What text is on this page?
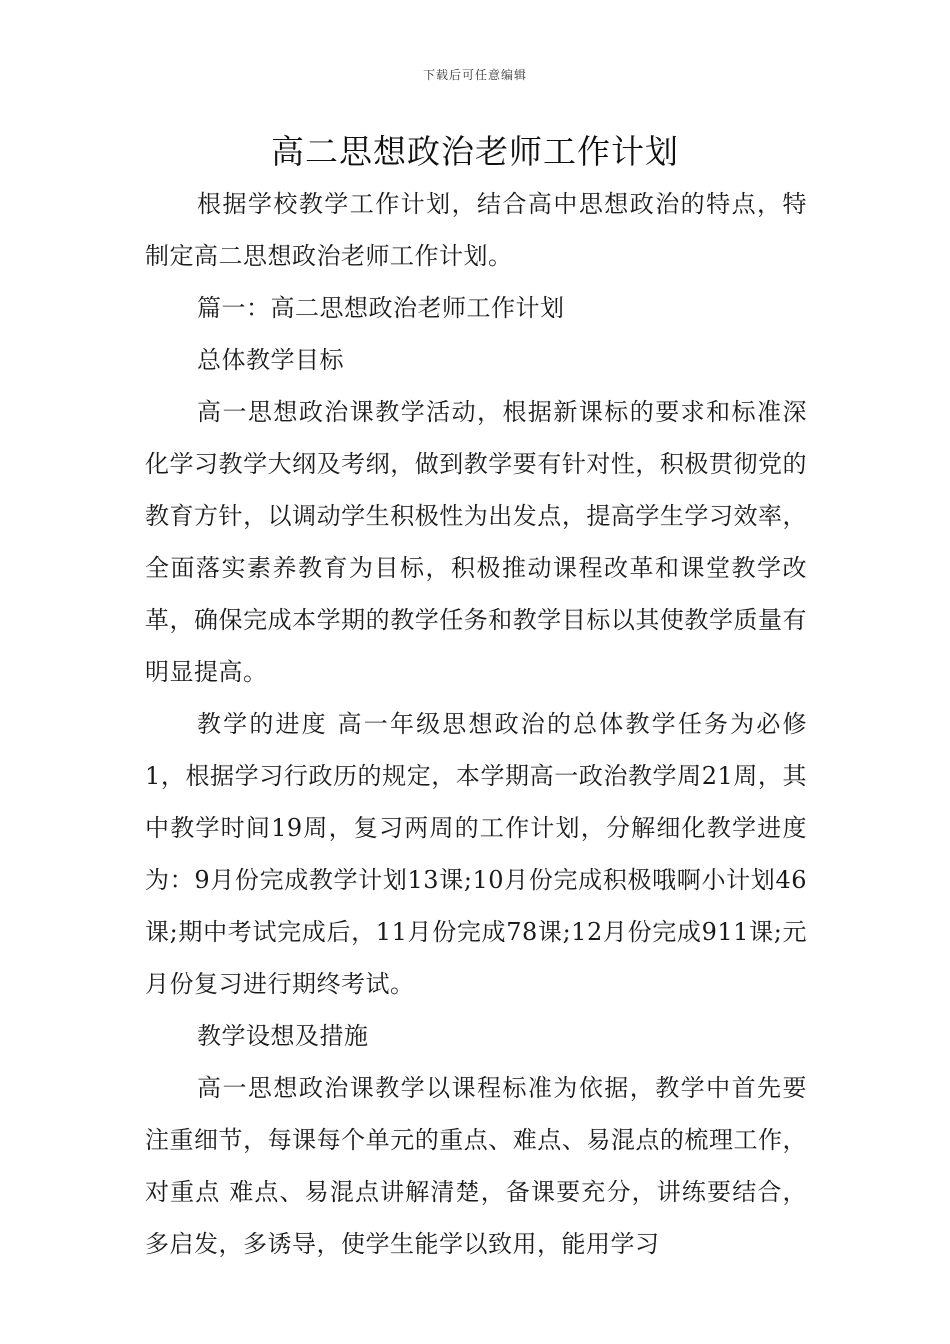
下载后可任意编辑
高二思想政治老师工作计划

根据学校教学工作计划，结合高中思想政治的特点，特制定高二思想政治老师工作计划。

篇一：高二思想政治老师工作计划

总体教学目标

高一思想政治课教学活动，根据新课标的要求和标准深化学习教学大纲及考纲，做到教学要有针对性，积极贯彻党的教育方针，以调动学生积极性为出发点，提高学生学习效率，全面落实素养教育为目标，积极推动课程改革和课堂教学改革，确保完成本学期的教学任务和教学目标以其使教学质量有明显提高。

教学的进度 高一年级思想政治的总体教学任务为必修1，根据学习行政历的规定，本学期高一政治教学周21周，其中教学时间19周，复习两周的工作计划，分解细化教学进度为：9月份完成教学计划13课;10月份完成积极哦啊小计划46课;期中考试完成后，11月份完成78课;12月份完成911课;元月份复习进行期终考试。

教学设想及措施

高一思想政治课教学以课程标准为依据，教学中首先要注重细节，每课每个单元的重点、难点、易混点的梳理工作，对重点 难点、易混点讲解清楚，备课要充分，讲练要结合，多启发，多诱导，使学生能学以致用，能用学习
